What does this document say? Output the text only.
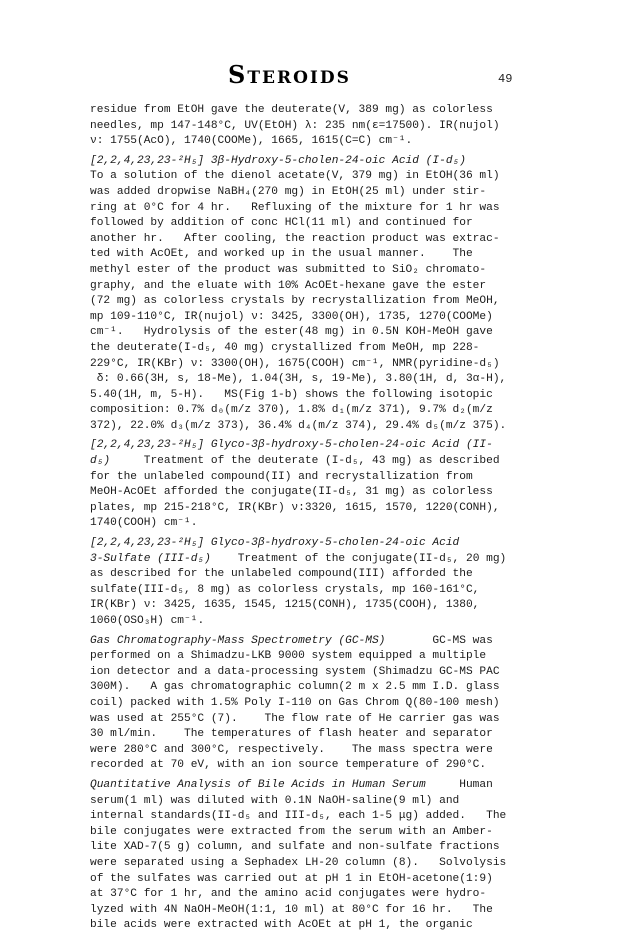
STEROIDS	49
residue from EtOH gave the deuterate(V, 389 mg) as colorless
needles, mp 147-148°C, UV(EtOH) λ: 235 nm(ε=17500). IR(nujol)
ν: 1755(AcO), 1740(COOMe), 1665, 1615(C=C) cm⁻¹.
[2,2,4,23,23-²H₅] 3β-Hydroxy-5-cholen-24-oic Acid (I-d₅)
To a solution of the dienol acetate(V, 379 mg) in EtOH(36 ml)
was added dropwise NaBH₄(270 mg) in EtOH(25 ml) under stir-
ring at 0°C for 4 hr.   Refluxing of the mixture for 1 hr was
followed by addition of conc HCl(11 ml) and continued for
another hr.   After cooling, the reaction product was extrac-
ted with AcOEt, and worked up in the usual manner.    The
methyl ester of the product was submitted to SiO₂ chromato-
graphy, and the eluate with 10% AcOEt-hexane gave the ester
(72 mg) as colorless crystals by recrystallization from MeOH,
mp 109-110°C, IR(nujol) ν: 3425, 3300(OH), 1735, 1270(COOMe)
cm⁻¹.   Hydrolysis of the ester(48 mg) in 0.5N KOH-MeOH gave
the deuterate(I-d₅, 40 mg) crystallized from MeOH, mp 228-
229°C, IR(KBr) ν: 3300(OH), 1675(COOH) cm⁻¹, NMR(pyridine-d₅)
δ: 0.66(3H, s, 18-Me), 1.04(3H, s, 19-Me), 3.80(1H, d, 3α-H),
5.40(1H, m, 5-H).   MS(Fig 1-b) shows the following isotopic
composition: 0.7% d₀(m/z 370), 1.8% d₁(m/z 371), 9.7% d₂(m/z
372), 22.0% d₃(m/z 373), 36.4% d₄(m/z 374), 29.4% d₅(m/z 375).
[2,2,4,23,23-²H₅] Glyco-3β-hydroxy-5-cholen-24-oic Acid (II-
d₅)     Treatment of the deuterate (I-d₅, 43 mg) as described
for the unlabeled compound(II) and recrystallization from
MeOH-AcOEt afforded the conjugate(II-d₅, 31 mg) as colorless
plates, mp 215-218°C, IR(KBr) ν:3320, 1615, 1570, 1220(CONH),
1740(COOH) cm⁻¹.
[2,2,4,23,23-²H₅] Glyco-3β-hydroxy-5-cholen-24-oic Acid
3-Sulfate (III-d₅)    Treatment of the conjugate(II-d₅, 20 mg)
as described for the unlabeled compound(III) afforded the
sulfate(III-d₅, 8 mg) as colorless crystals, mp 160-161°C,
IR(KBr) ν: 3425, 1635, 1545, 1215(CONH), 1735(COOH), 1380,
1060(OSO₃H) cm⁻¹.
Gas Chromatography-Mass Spectrometry (GC-MS)       GC-MS was
performed on a Shimadzu-LKB 9000 system equipped a multiple
ion detector and a data-processing system (Shimadzu GC-MS PAC
300M).   A gas chromatographic column(2 m x 2.5 mm I.D. glass
coil) packed with 1.5% Poly I-110 on Gas Chrom Q(80-100 mesh)
was used at 255°C (7).    The flow rate of He carrier gas was
30 ml/min.    The temperatures of flash heater and separator
were 280°C and 300°C, respectively.    The mass spectra were
recorded at 70 eV, with an ion source temperature of 290°C.
Quantitative Analysis of Bile Acids in Human Serum     Human
serum(1 ml) was diluted with 0.1N NaOH-saline(9 ml) and
internal standards(II-d₅ and III-d₅, each 1-5 μg) added.   The
bile conjugates were extracted from the serum with an Amber-
lite XAD-7(5 g) column, and sulfate and non-sulfate fractions
were separated using a Sephadex LH-20 column (8).   Solvolysis
of the sulfates was carried out at pH 1 in EtOH-acetone(1:9)
at 37°C for 1 hr, and the amino acid conjugates were hydro-
lyzed with 4N NaOH-MeOH(1:1, 10 ml) at 80°C for 16 hr.   The
bile acids were extracted with AcOEt at pH 1, the organic
